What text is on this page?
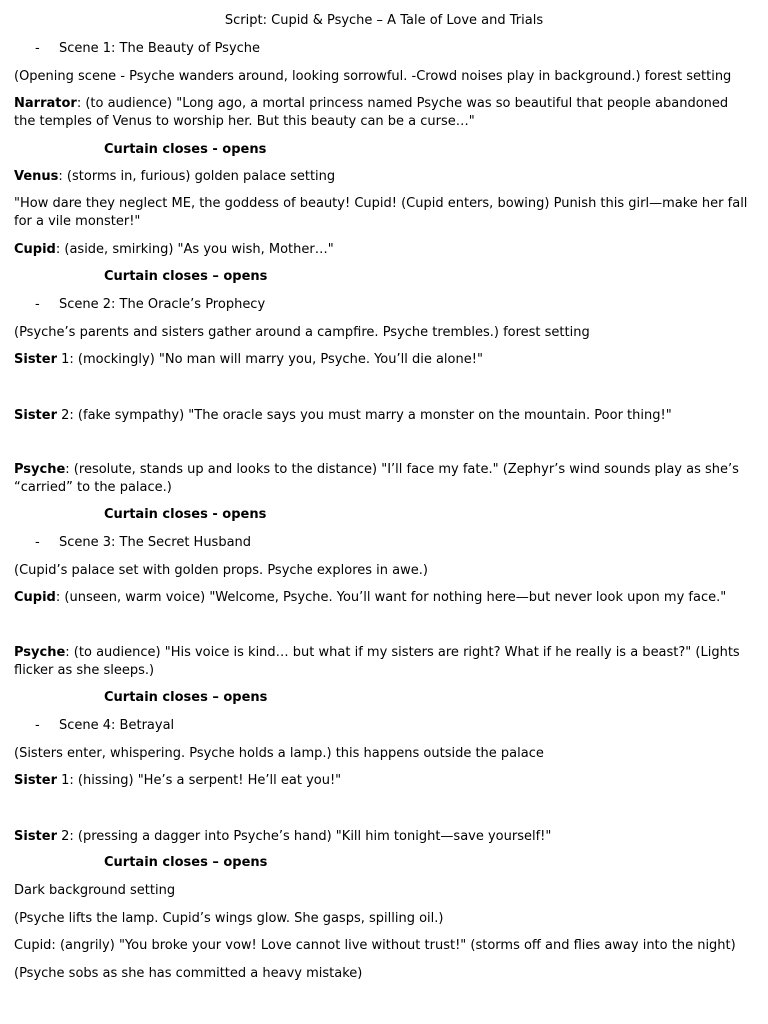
Script: Cupid & Psyche – A Tale of Love and Trials

- Scene 1: The Beauty of Psyche

(Opening scene - Psyche wanders around, looking sorrowful. -Crowd noises play in background.) forest setting

Narrator: (to audience) "Long ago, a mortal princess named Psyche was so beautiful that people abandoned the temples of Venus to worship her. But this beauty can be a curse…"

Curtain closes - opens

Venus: (storms in, furious) golden palace setting

"How dare they neglect ME, the goddess of beauty! Cupid! (Cupid enters, bowing) Punish this girl—make her fall for a vile monster!"

Cupid: (aside, smirking) "As you wish, Mother…"

Curtain closes – opens

- Scene 2: The Oracle’s Prophecy

(Psyche’s parents and sisters gather around a campfire. Psyche trembles.) forest setting

Sister 1: (mockingly) "No man will marry you, Psyche. You’ll die alone!"

Sister 2: (fake sympathy) "The oracle says you must marry a monster on the mountain. Poor thing!"

Psyche: (resolute, stands up and looks to the distance) "I’ll face my fate." (Zephyr’s wind sounds play as she’s “carried” to the palace.)

Curtain closes - opens

- Scene 3: The Secret Husband

(Cupid’s palace set with golden props. Psyche explores in awe.)

Cupid: (unseen, warm voice) "Welcome, Psyche. You’ll want for nothing here—but never look upon my face."

Psyche: (to audience) "His voice is kind… but what if my sisters are right? What if he really is a beast?" (Lights flicker as she sleeps.)

Curtain closes – opens

- Scene 4: Betrayal

(Sisters enter, whispering. Psyche holds a lamp.) this happens outside the palace

Sister 1: (hissing) "He’s a serpent! He’ll eat you!"

Sister 2: (pressing a dagger into Psyche’s hand) "Kill him tonight—save yourself!"

Curtain closes – opens

Dark background setting

(Psyche lifts the lamp. Cupid’s wings glow. She gasps, spilling oil.)

Cupid: (angrily) "You broke your vow! Love cannot live without trust!" (storms off and flies away into the night)

(Psyche sobs as she has committed a heavy mistake)
